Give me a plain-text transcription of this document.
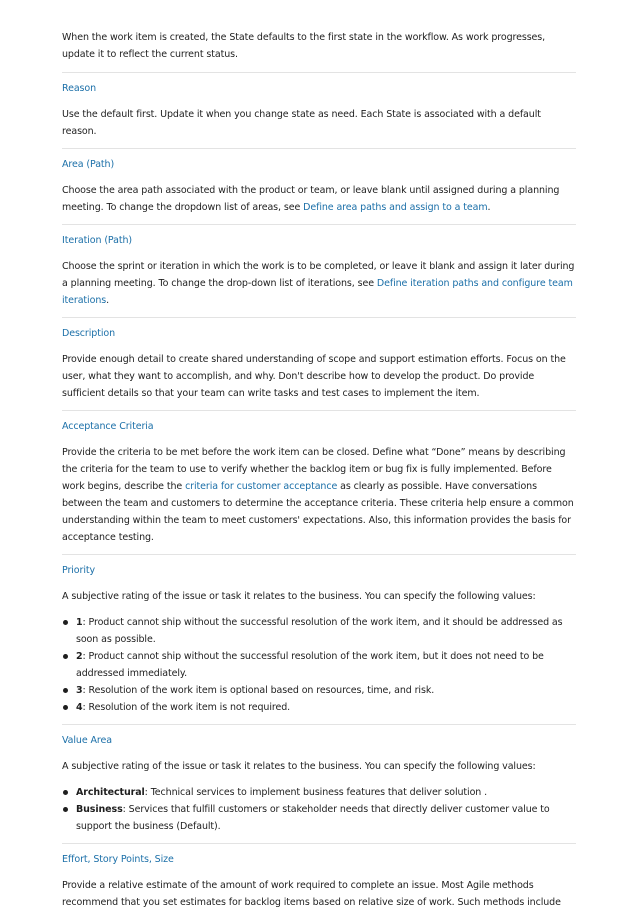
When the work item is created, the State defaults to the first state in the workflow. As work progresses, update it to reflect the current status.

Reason

Use the default first. Update it when you change state as need. Each State is associated with a default reason.

Area (Path)

Choose the area path associated with the product or team, or leave blank until assigned during a planning meeting. To change the dropdown list of areas, see Define area paths and assign to a team.

Iteration (Path)

Choose the sprint or iteration in which the work is to be completed, or leave it blank and assign it later during a planning meeting. To change the drop-down list of iterations, see Define iteration paths and configure team iterations.

Description

Provide enough detail to create shared understanding of scope and support estimation efforts. Focus on the user, what they want to accomplish, and why. Don't describe how to develop the product. Do provide sufficient details so that your team can write tasks and test cases to implement the item.

Acceptance Criteria

Provide the criteria to be met before the work item can be closed. Define what “Done” means by describing the criteria for the team to use to verify whether the backlog item or bug fix is fully implemented. Before work begins, describe the criteria for customer acceptance as clearly as possible. Have conversations between the team and customers to determine the acceptance criteria. These criteria help ensure a common understanding within the team to meet customers' expectations. Also, this information provides the basis for acceptance testing.

Priority

A subjective rating of the issue or task it relates to the business. You can specify the following values:

1: Product cannot ship without the successful resolution of the work item, and it should be addressed as soon as possible.
2: Product cannot ship without the successful resolution of the work item, but it does not need to be addressed immediately.
3: Resolution of the work item is optional based on resources, time, and risk.
4: Resolution of the work item is not required.
Value Area

A subjective rating of the issue or task it relates to the business. You can specify the following values:

Architectural: Technical services to implement business features that deliver solution .
Business: Services that fulfill customers or stakeholder needs that directly deliver customer value to support the business (Default).
Effort, Story Points, Size

Provide a relative estimate of the amount of work required to complete an issue. Most Agile methods recommend that you set estimates for backlog items based on relative size of work. Such methods include
